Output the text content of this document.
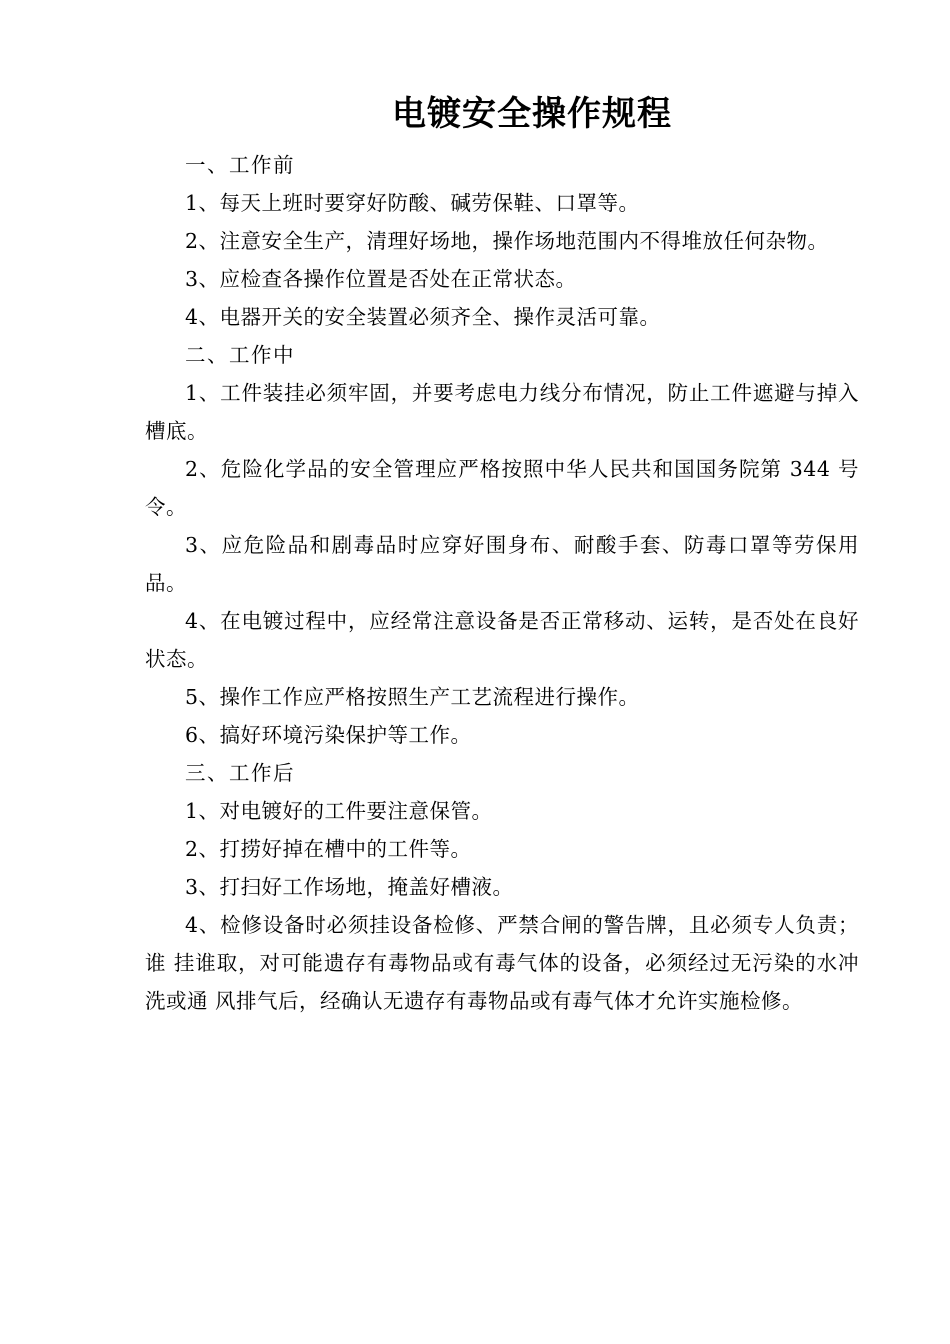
电镀安全操作规程

一、工作前

1、每天上班时要穿好防酸、碱劳保鞋、口罩等。

2、注意安全生产，清理好场地，操作场地范围内不得堆放任何杂物。

3、应检查各操作位置是否处在正常状态。

4、电器开关的安全装置必须齐全、操作灵活可靠。

二、工作中

1、工件装挂必须牢固，并要考虑电力线分布情况，防止工件遮避与掉入槽底。

2、危险化学品的安全管理应严格按照中华人民共和国国务院第 344 号令。

3、应危险品和剧毒品时应穿好围身布、耐酸手套、防毒口罩等劳保用品。

4、在电镀过程中，应经常注意设备是否正常移动、运转，是否处在良好状态。

5、操作工作应严格按照生产工艺流程进行操作。

6、搞好环境污染保护等工作。

三、工作后

1、对电镀好的工件要注意保管。

2、打捞好掉在槽中的工件等。

3、打扫好工作场地，掩盖好槽液。

4、检修设备时必须挂设备检修、严禁合闸的警告牌，且必须专人负责；谁 挂谁取，对可能遗存有毒物品或有毒气体的设备，必须经过无污染的水冲洗或通 风排气后，经确认无遗存有毒物品或有毒气体才允许实施检修。
